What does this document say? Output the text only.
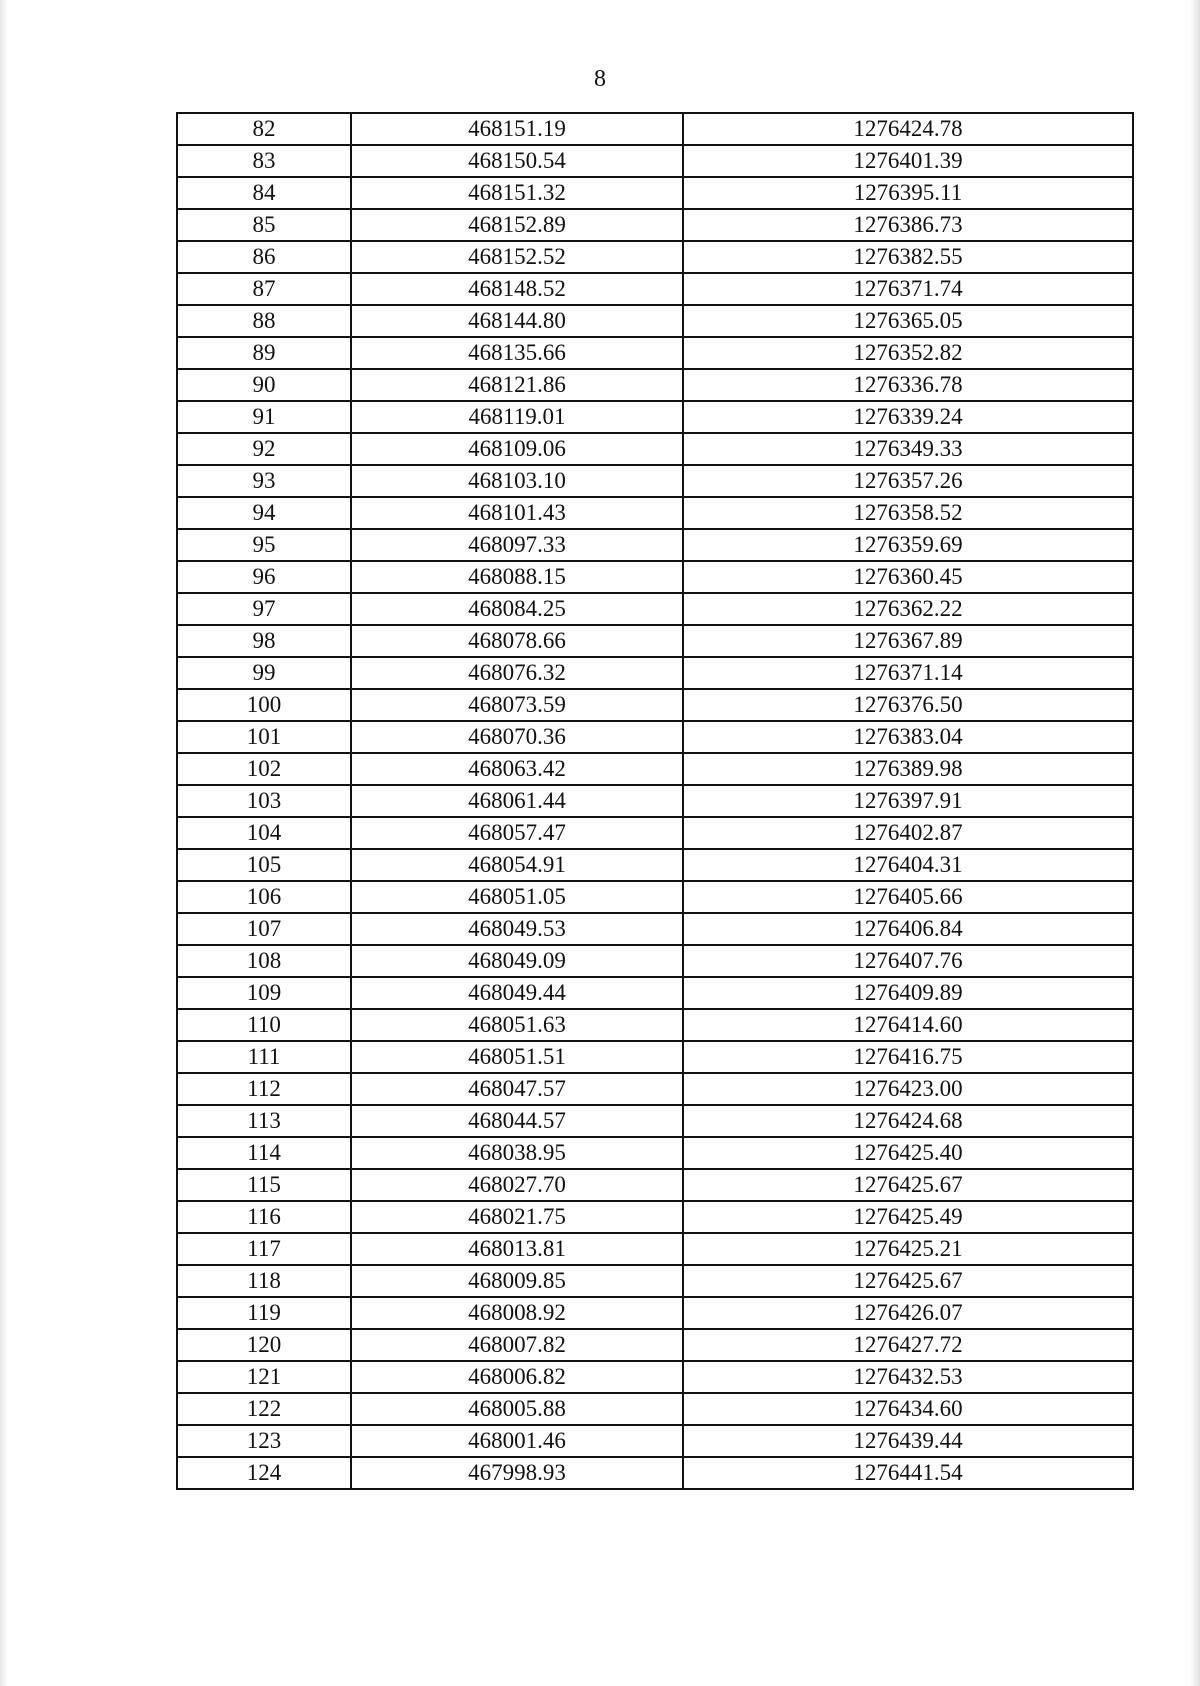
8
82	468151.19	1276424.78
83	468150.54	1276401.39
84	468151.32	1276395.11
85	468152.89	1276386.73
86	468152.52	1276382.55
87	468148.52	1276371.74
88	468144.80	1276365.05
89	468135.66	1276352.82
90	468121.86	1276336.78
91	468119.01	1276339.24
92	468109.06	1276349.33
93	468103.10	1276357.26
94	468101.43	1276358.52
95	468097.33	1276359.69
96	468088.15	1276360.45
97	468084.25	1276362.22
98	468078.66	1276367.89
99	468076.32	1276371.14
100	468073.59	1276376.50
101	468070.36	1276383.04
102	468063.42	1276389.98
103	468061.44	1276397.91
104	468057.47	1276402.87
105	468054.91	1276404.31
106	468051.05	1276405.66
107	468049.53	1276406.84
108	468049.09	1276407.76
109	468049.44	1276409.89
110	468051.63	1276414.60
111	468051.51	1276416.75
112	468047.57	1276423.00
113	468044.57	1276424.68
114	468038.95	1276425.40
115	468027.70	1276425.67
116	468021.75	1276425.49
117	468013.81	1276425.21
118	468009.85	1276425.67
119	468008.92	1276426.07
120	468007.82	1276427.72
121	468006.82	1276432.53
122	468005.88	1276434.60
123	468001.46	1276439.44
124	467998.93	1276441.54
